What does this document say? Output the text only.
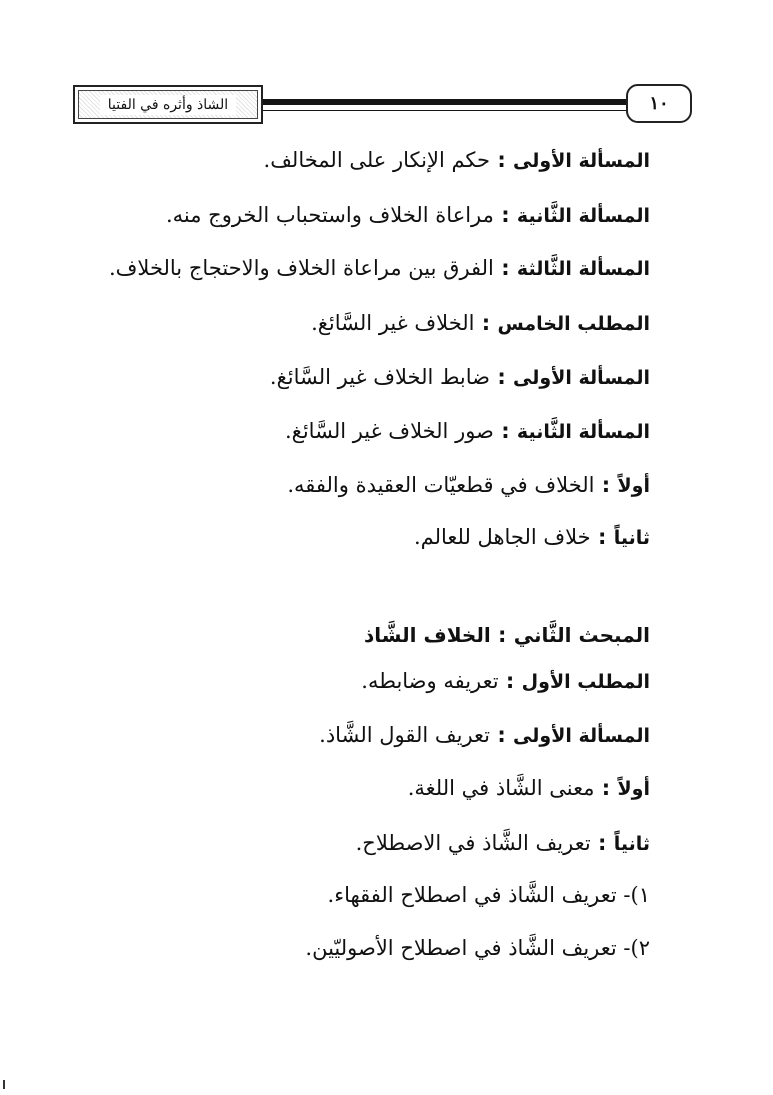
الشاذ وأثره في الفتيا	١٠
المسألة الأولى : حكم الإنكار على المخالف.
المسألة الثَّانية : مراعاة الخلاف واستحباب الخروج منه.
المسألة الثَّالثة : الفرق بين مراعاة الخلاف والاحتجاج بالخلاف.
المطلب الخامس : الخلاف غير السَّائغ.
المسألة الأولى : ضابط الخلاف غير السَّائغ.
المسألة الثَّانية : صور الخلاف غير السَّائغ.
أولاً : الخلاف في قطعيّات العقيدة والفقه.
ثانياً : خلاف الجاهل للعالم.
المبحث الثَّاني : الخلاف الشَّاذ
المطلب الأول : تعريفه وضابطه.
المسألة الأولى : تعريف القول الشَّاذ.
أولاً : معنى الشَّاذ في اللغة.
ثانياً : تعريف الشَّاذ في الاصطلاح.
١)- تعريف الشَّاذ في اصطلاح الفقهاء.
٢)- تعريف الشَّاذ في اصطلاح الأصوليّين.
